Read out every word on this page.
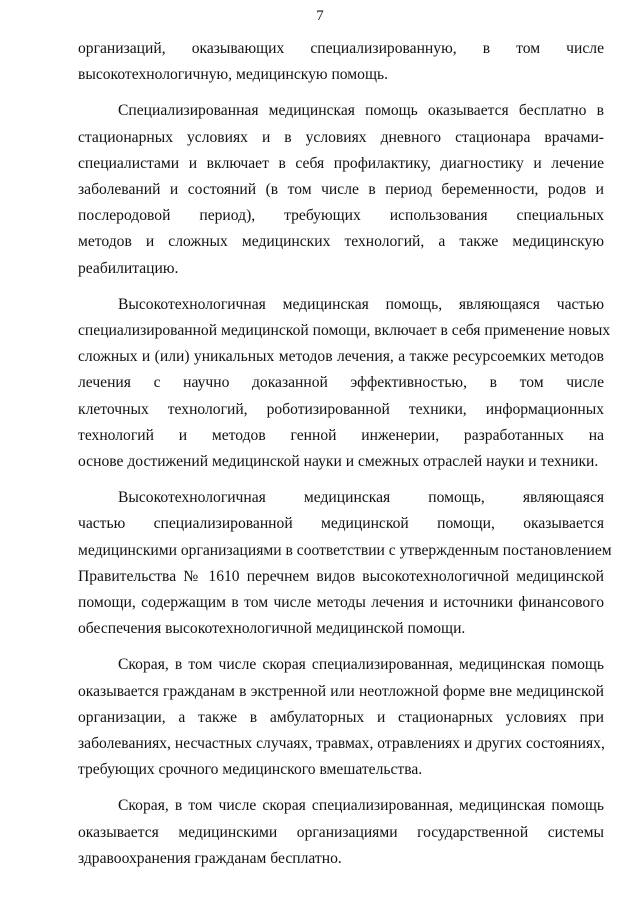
7
организаций, оказывающих специализированную, в том числе высокотехнологичную, медицинскую помощь.
Специализированная медицинская помощь оказывается бесплатно в стационарных условиях и в условиях дневного стационара врачами- специалистами и включает в себя профилактику, диагностику и лечение заболеваний и состояний (в том числе в период беременности, родов и послеродовой период), требующих использования специальных методов и сложных медицинских технологий, а также медицинскую реабилитацию.
Высокотехнологичная медицинская помощь, являющаяся частью специализированной медицинской помощи, включает в себя применение новых сложных и (или) уникальных методов лечения, а также ресурсоемких методов лечения с научно доказанной эффективностью, в том числе клеточных технологий, роботизированной техники, информационных технологий и методов генной инженерии, разработанных на основе достижений медицинской науки и смежных отраслей науки и техники.
Высокотехнологичная медицинская помощь, являющаяся частью специализированной медицинской помощи, оказывается медицинскими организациями в соответствии с утвержденным постановлением Правительства № 1610 перечнем видов высокотехнологичной медицинской помощи, содержащим в том числе методы лечения и источники финансового обеспечения высокотехнологичной медицинской помощи.
Скорая, в том числе скорая специализированная, медицинская помощь оказывается гражданам в экстренной или неотложной форме вне медицинской организации, а также в амбулаторных и стационарных условиях при заболеваниях, несчастных случаях, травмах, отравлениях и других состояниях, требующих срочного медицинского вмешательства.
Скорая, в том числе скорая специализированная, медицинская помощь оказывается медицинскими организациями государственной системы здравоохранения гражданам бесплатно.
